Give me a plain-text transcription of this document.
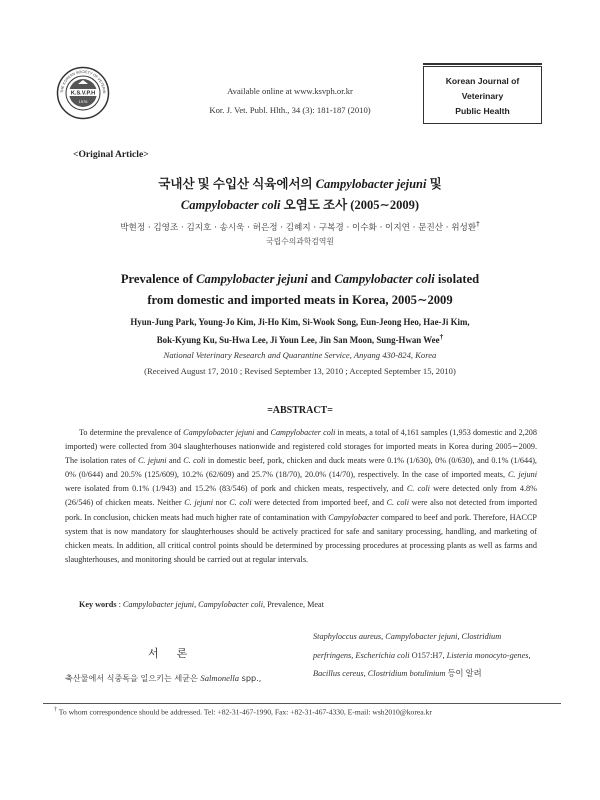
THE KOREAN SOCIETY OF VETERIN
K.S.V.P.H
1976
Available online at www.ksvph.or.kr
Kor. J. Vet. Publ. Hlth., 34 (3): 181-187 (2010)
Korean Journal of
Veterinary
Public Health
<Original Article>
국내산 및 수입산 식육에서의 Campylobacter jejuni 및
Campylobacter coli 오염도 조사 (2005∼2009)
박현정 · 김영조 · 김지호 · 송시욱 · 허은정 · 김혜지 · 구복경 · 이수화 · 이지연 · 문진산 · 위성환†
국립수의과학검역원
Prevalence of Campylobacter jejuni and Campylobacter coli isolated
from domestic and imported meats in Korea, 2005∼2009
Hyun-Jung Park, Young-Jo Kim, Ji-Ho Kim, Si-Wook Song, Eun-Jeong Heo, Hae-Ji Kim,
Bok-Kyung Ku, Su-Hwa Lee, Ji Youn Lee, Jin San Moon, Sung-Hwan Wee†
National Veterinary Research and Quarantine Service, Anyang 430-824, Korea
(Received August 17, 2010 ; Revised September 13, 2010 ; Accepted September 15, 2010)
=ABSTRACT=

To determine the prevalence of Campylobacter jejuni and Campylobacter coli in meats, a total of 4,161 samples (1,953 domestic and 2,208 imported) were collected from 304 slaughterhouses nationwide and registered cold storages for imported meats in Korea during 2005∼2009. The isolation rates of C. jejuni and C. coli in domestic beef, pork, chicken and duck meats were 0.1% (1/630), 0% (0/630), and 0.1% (1/644), 0% (0/644) and 20.5% (125/609), 10.2% (62/609) and 25.7% (18/70), 20.0% (14/70), respectively. In the case of imported meats, C. jejuni were isolated from 0.1% (1/943) and 15.2% (83/546) of pork and chicken meats, respectively, and C. coli were detected only from 4.8% (26/546) of chicken meats. Neither C. jejuni nor C. coli were detected from imported beef, and C. coli were also not detected from imported pork. In conclusion, chicken meats had much higher rate of contamination with Campylobacter compared to beef and pork. Therefore, HACCP system that is now mandatory for slaughterhouses should be actively practiced for safe and sanitary processing, handling, and marketing of chicken meats. In addition, all critical control points should be determined by processing procedures at processing plants as well as farms and slaughterhouses, and monitoring should be carried out at regular intervals.

Key words : Campylobacter jejuni, Campylobacter coli, Prevalence, Meat
서론
축산물에서 식중독을 일으키는 세균은 Salmonella spp.,
Staphyloccus aureus, Campylobacter jejuni, Clostridium perfringens, Escherichia coli O157:H7, Listeria monocyto-genes, Bacillus cereus, Clostridium botulinium 등이 알려
† To whom correspondence should be addressed. Tel: +82-31-467-1990, Fax: +82-31-467-4330, E-mail: wsh2010@korea.kr
